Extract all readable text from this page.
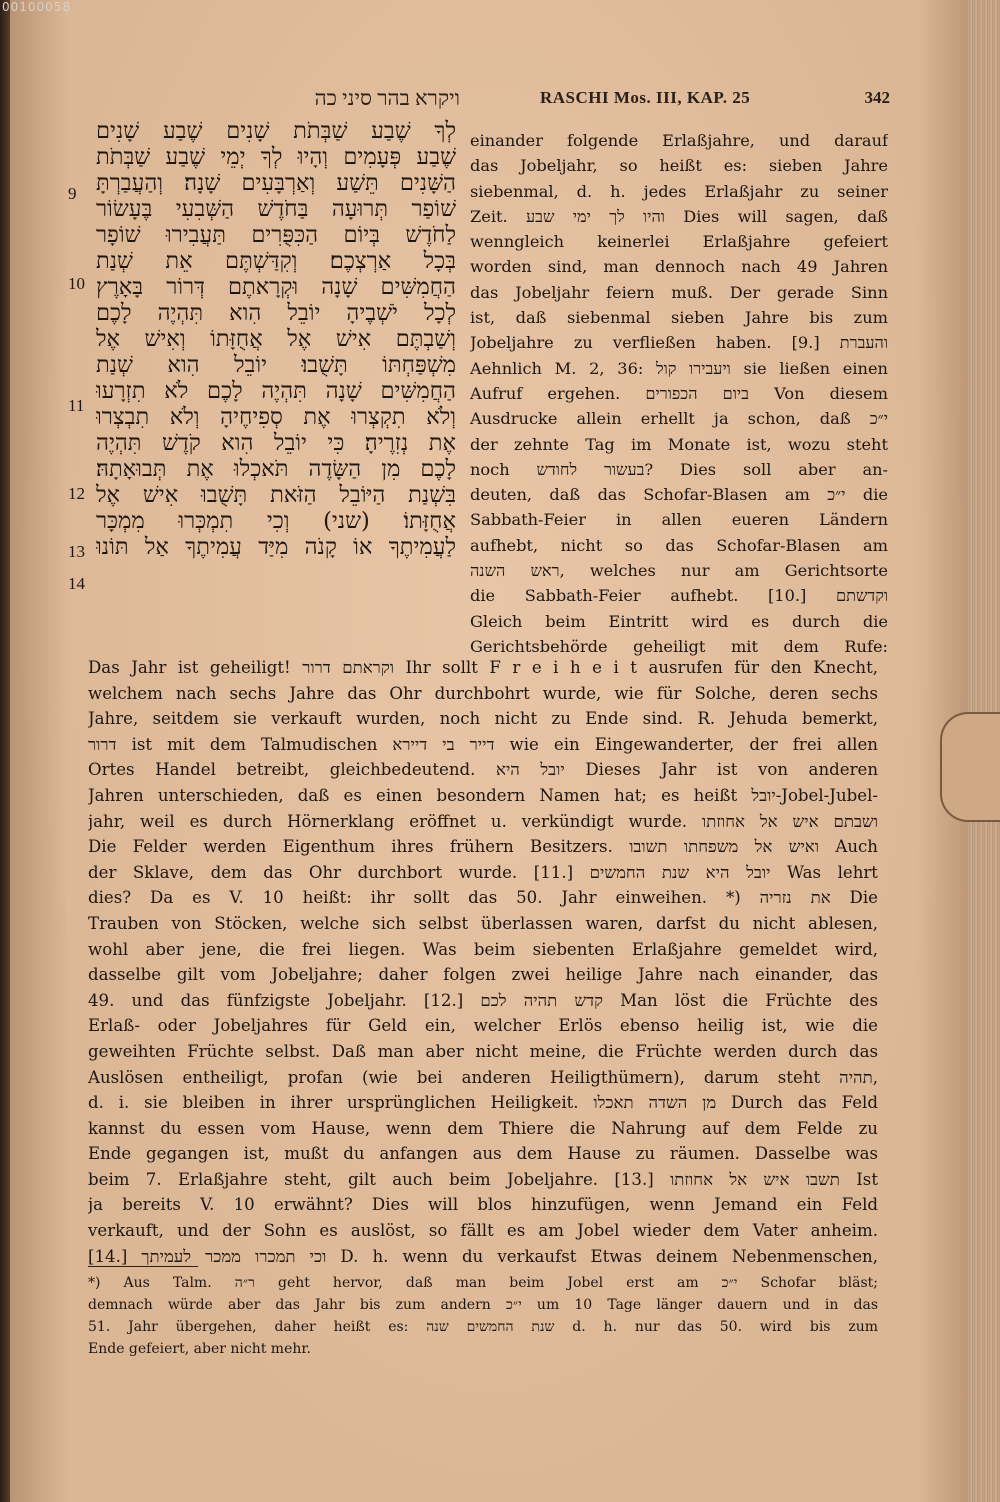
00100058
ויקרא בהר סיני כה	RASCHI Mos. III, KAP. 25	342
9
10
11
12
13
14
לְךָ שֶׁבַע שַׁבְּתֹת שָׁנִים שֶׁבַע שָׁנִים
שֶׁבַע פְּעָמִים וְהָיוּ לְךָ יְמֵי שֶׁבַע שַׁבְּתֹת
הַשָּׁנִים תֵּשַׁע וְאַרְבָּעִים שָׁנָה׃ וְהַעֲבַרְתָּ
שׁוֹפַר תְּרוּעָה בַּחֹדֶשׁ הַשְּׁבִעִי בֶּעָשׂוֹר
לַחֹדֶשׁ בְּיוֹם הַכִּפֻּרִים תַּעֲבִירוּ שׁוֹפָר
בְּכָל אַרְצְכֶם׃ וְקִדַּשְׁתֶּם אֵת שְׁנַת
הַחֲמִשִּׁים שָׁנָה וּקְרָאתֶם דְּרוֹר בָּאָרֶץ
לְכָל יֹשְׁבֶיהָ יוֹבֵל הִוא תִּהְיֶה לָכֶם
וְשַׁבְתֶּם אִישׁ אֶל אֲחֻזָּתוֹ וְאִישׁ אֶל
מִשְׁפַּחְתּוֹ תָּשֻׁבוּ׃ יוֹבֵל הִוא שְׁנַת
הַחֲמִשִּׁים שָׁנָה תִּהְיֶה לָכֶם לֹא תִזְרָעוּ
וְלֹא תִקְצְרוּ אֶת סְפִיחֶיהָ וְלֹא תִבְצְרוּ
אֶת נְזִרֶיהָ׃ כִּי יוֹבֵל הִוא קֹדֶשׁ תִּהְיֶה
לָכֶם מִן הַשָּׂדֶה תֹּאכְלוּ אֶת תְּבוּאָתָהּ׃
בִּשְׁנַת הַיּוֹבֵל הַזֹּאת תָּשֻׁבוּ אִישׁ אֶל
אֲחֻזָּתוֹ׃ (שני) וְכִי תִמְכְּרוּ מִמְכָּר
לַעֲמִיתֶךָ אוֹ קָנֹה מִיַּד עֲמִיתֶךָ אַל תּוֹנוּ
einander folgende Erlaßjahre, und darauf
das Jobeljahr, so heißt es: sieben Jahre
siebenmal, d. h. jedes Erlaßjahr zu seiner
Zeit. והיו לך ימי שבע Dies will sagen, daß
wenngleich keinerlei Erlaßjahre gefeiert
worden sind, man dennoch nach 49 Jahren
das Jobeljahr feiern muß. Der gerade Sinn
ist, daß siebenmal sieben Jahre bis zum
Jobeljahre zu verfließen haben. [9.] והעברת
Aehnlich M. 2, 36: ויעבירו קול sie ließen einen
Aufruf ergehen. ביום הכפורים Von diesem
Ausdrucke allein erhellt ja schon, daß י״כ
der zehnte Tag im Monate ist, wozu steht
noch בעשור לחודש? Dies soll aber an-
deuten, daß das Schofar-Blasen am י״כ die
Sabbath-Feier in allen eueren Ländern
aufhebt, nicht so das Schofar-Blasen am
ראש השנה, welches nur am Gerichtsorte
die Sabbath-Feier aufhebt. [10.] וקדשתם
Gleich beim Eintritt wird es durch die
Gerichtsbehörde geheiligt mit dem Rufe:
Das Jahr ist geheiligt! וקראתם דרור Ihr sollt F r e i h e i t ausrufen für den Knecht,
welchem nach sechs Jahre das Ohr durchbohrt wurde, wie für Solche, deren sechs
Jahre, seitdem sie verkauft wurden, noch nicht zu Ende sind. R. Jehuda bemerkt,
דרור ist mit dem Talmudischen דייר בי דיירא wie ein Eingewanderter, der frei allen
Ortes Handel betreibt, gleichbedeutend. יובל היא Dieses Jahr ist von anderen
Jahren unterschieden, daß es einen besondern Namen hat; es heißt יובל-Jobel-Jubel-
jahr, weil es durch Hörnerklang eröffnet u. verkündigt wurde. ושבתם איש אל אחוזתו
Die Felder werden Eigenthum ihres frühern Besitzers. ואיש אל משפחתו תשובו Auch
der Sklave, dem das Ohr durchbort wurde. [11.] יובל היא שנת החמשים Was lehrt
dies? Da es V. 10 heißt: ihr sollt das 50. Jahr einweihen. *) את נזריה Die
Trauben von Stöcken, welche sich selbst überlassen waren, darfst du nicht ablesen,
wohl aber jene, die frei liegen. Was beim siebenten Erlaßjahre gemeldet wird,
dasselbe gilt vom Jobeljahre; daher folgen zwei heilige Jahre nach einander, das
49. und das fünfzigste Jobeljahr. [12.] קדש תהיה לכם Man löst die Früchte des
Erlaß- oder Jobeljahres für Geld ein, welcher Erlös ebenso heilig ist, wie die
geweihten Früchte selbst. Daß man aber nicht meine, die Früchte werden durch das
Auslösen entheiligt, profan (wie bei anderen Heiligthümern), darum steht תהיה,
d. i. sie bleiben in ihrer ursprünglichen Heiligkeit. מן השדה תאכלו Durch das Feld
kannst du essen vom Hause, wenn dem Thiere die Nahrung auf dem Felde zu
Ende gegangen ist, mußt du anfangen aus dem Hause zu räumen. Dasselbe was
beim 7. Erlaßjahre steht, gilt auch beim Jobeljahre. [13.] תשבו איש אל אחוזתו Ist
ja bereits V. 10 erwähnt? Dies will blos hinzufügen, wenn Jemand ein Feld
verkauft, und der Sohn es auslöst, so fällt es am Jobel wieder dem Vater anheim.
[14.] וכי תמכרו ממכר לעמיתך D. h. wenn du verkaufst Etwas deinem Nebenmenschen,
*) Aus Talm. ר״ה geht hervor, daß man beim Jobel erst am י״כ Schofar bläst;
demnach würde aber das Jahr bis zum andern י״כ um 10 Tage länger dauern und in das
51. Jahr übergehen, daher heißt es: שנת החמשים שנה d. h. nur das 50. wird bis zum
Ende gefeiert, aber nicht mehr.
